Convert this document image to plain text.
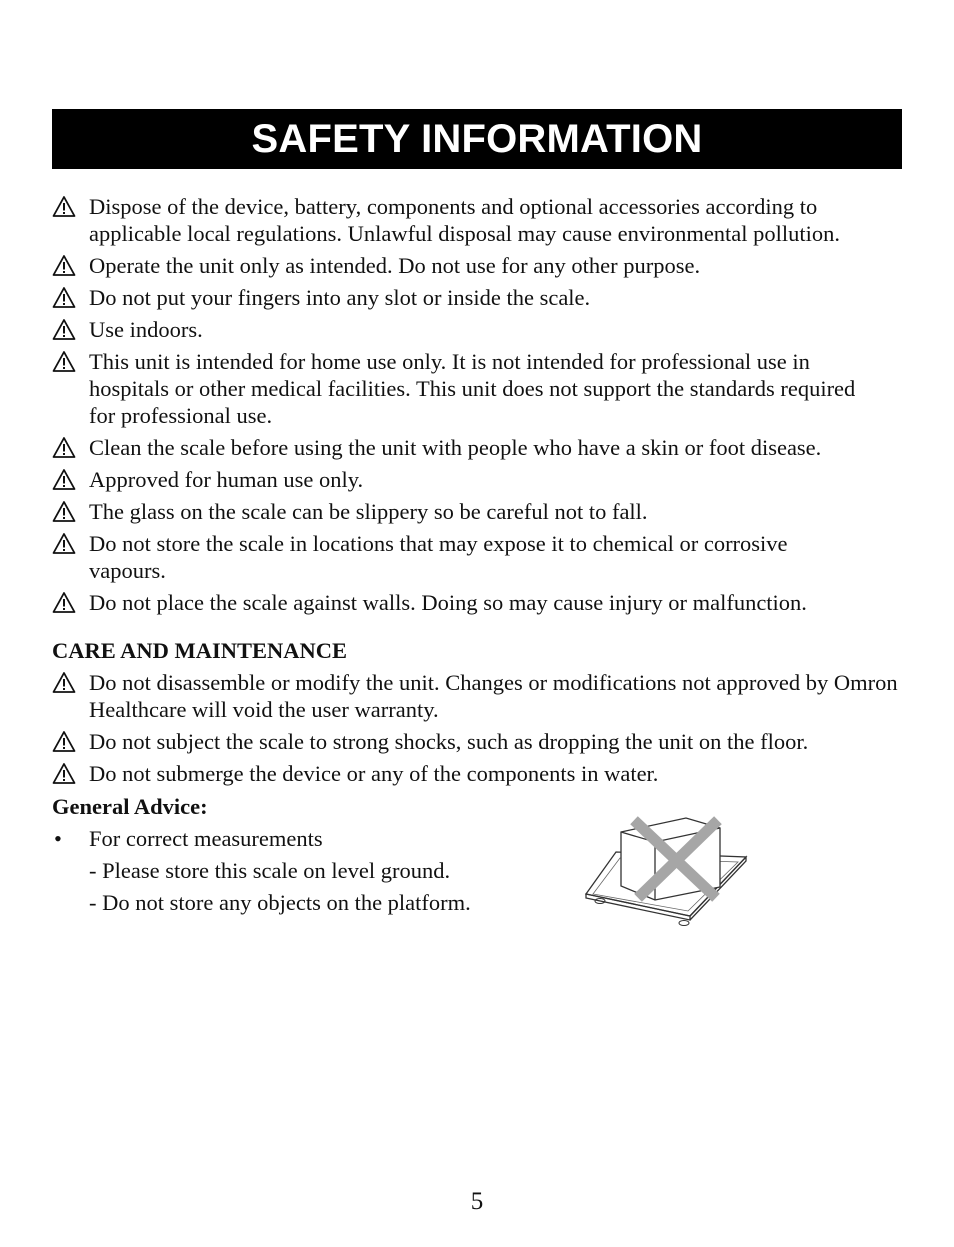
SAFETY INFORMATION
Dispose of the device, battery, components and optional accessories according to applicable local regulations. Unlawful disposal may cause environmental pollution.
Operate the unit only as intended. Do not use for any other purpose.
Do not put your fingers into any slot or inside the scale.
Use indoors.
This unit is intended for home use only. It is not intended for professional use in hospitals or other medical facilities. This unit does not support the standards required for professional use.
Clean the scale before using the unit with people who have a skin or foot disease.
Approved for human use only.
The glass on the scale can be slippery so be careful not to fall.
Do not store the scale in locations that may expose it to chemical or corrosive vapours.
Do not place the scale against walls. Doing so may cause injury or malfunction.
CARE AND MAINTENANCE
Do not disassemble or modify the unit. Changes or modifications not approved by Omron Healthcare will void the user warranty.
Do not subject the scale to strong shocks, such as dropping the unit on the floor.
Do not submerge the device or any of the components in water.
General Advice:
• For correct measurements
- Please store this scale on level ground.
- Do not store any objects on the platform.
5
